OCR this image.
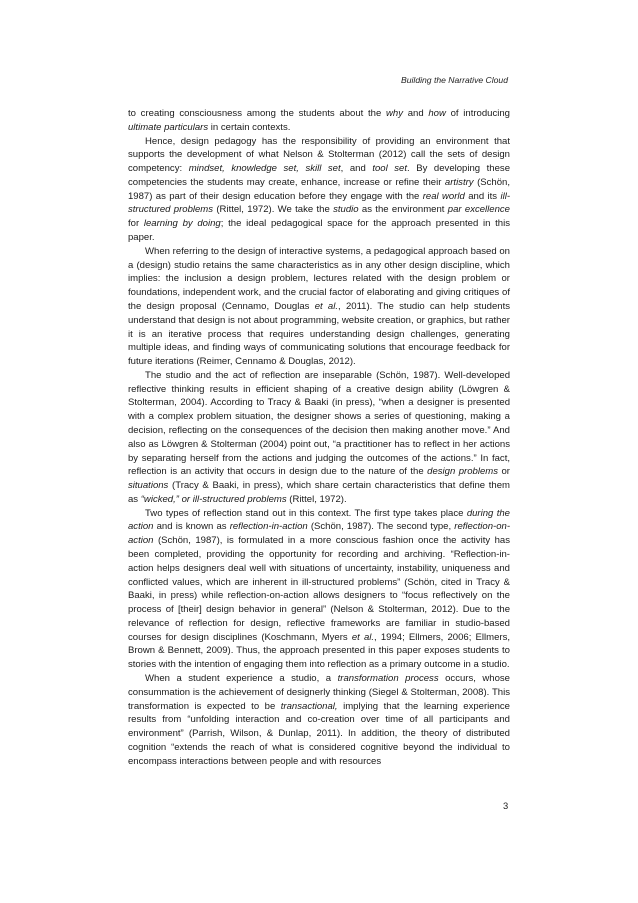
Building the Narrative Cloud

to creating consciousness among the students about the why and how of introducing ultimate particulars in certain contexts.

Hence, design pedagogy has the responsibility of providing an environment that supports the development of what Nelson & Stolterman (2012) call the sets of design competency: mindset, knowledge set, skill set, and tool set. By developing these competencies the students may create, enhance, increase or refine their artistry (Schön, 1987) as part of their design education before they engage with the real world and its ill-structured problems (Rittel, 1972). We take the studio as the environment par excellence for learning by doing; the ideal pedagogical space for the approach presented in this paper.

When referring to the design of interactive systems, a pedagogical approach based on a (design) studio retains the same characteristics as in any other design discipline, which implies: the inclusion a design problem, lectures related with the design problem or foundations, independent work, and the crucial factor of elaborating and giving critiques of the design proposal (Cennamo, Douglas et al., 2011). The studio can help students understand that design is not about programming, website creation, or graphics, but rather it is an iterative process that requires understanding design challenges, generating multiple ideas, and finding ways of communicating solutions that encourage feedback for future iterations (Reimer, Cennamo & Douglas, 2012).

The studio and the act of reflection are inseparable (Schön, 1987). Well-developed reflective thinking results in efficient shaping of a creative design ability (Löwgren & Stolterman, 2004). According to Tracy & Baaki (in press), “when a designer is presented with a complex problem situation, the designer shows a series of questioning, making a decision, reflecting on the consequences of the decision then making another move.” And also as Löwgren & Stolterman (2004) point out, “a practitioner has to reflect in her actions by separating herself from the actions and judging the outcomes of the actions.” In fact, reflection is an activity that occurs in design due to the nature of the design problems or situations (Tracy & Baaki, in press), which share certain characteristics that define them as “wicked,” or ill-structured problems (Rittel, 1972).

Two types of reflection stand out in this context. The first type takes place during the action and is known as reflection-in-action (Schön, 1987). The second type, reflection-on-action (Schön, 1987), is formulated in a more conscious fashion once the activity has been completed, providing the opportunity for recording and archiving. “Reflection-in-action helps designers deal well with situations of uncertainty, instability, uniqueness and conflicted values, which are inherent in ill-structured problems” (Schön, cited in Tracy & Baaki, in press) while reflection-on-action allows designers to “focus reflectively on the process of [their] design behavior in general” (Nelson & Stolterman, 2012). Due to the relevance of reflection for design, reflective frameworks are familiar in studio-based courses for design disciplines (Koschmann, Myers et al., 1994; Ellmers, 2006; Ellmers, Brown & Bennett, 2009). Thus, the approach presented in this paper exposes students to stories with the intention of engaging them into reflection as a primary outcome in a studio.

When a student experience a studio, a transformation process occurs, whose consummation is the achievement of designerly thinking (Siegel & Stolterman, 2008). This transformation is expected to be transactional, implying that the learning experience results from “unfolding interaction and co-creation over time of all participants and environment” (Parrish, Wilson, & Dunlap, 2011). In addition, the theory of distributed cognition “extends the reach of what is considered cognitive beyond the individual to encompass interactions between people and with resources

3
